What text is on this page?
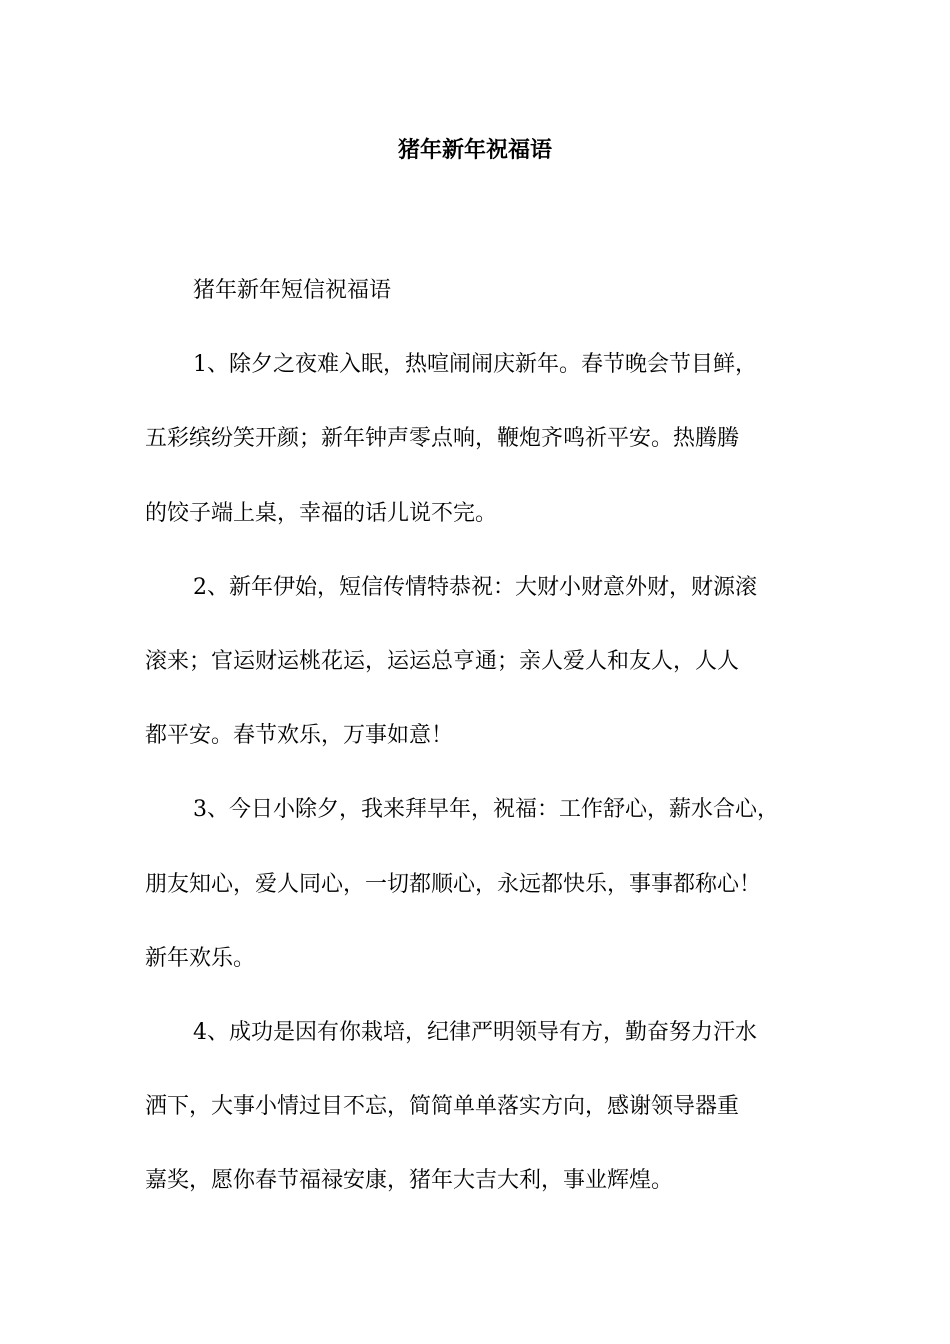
猪年新年祝福语
猪年新年短信祝福语
1、除夕之夜难入眠，热喧闹闹庆新年。春节晚会节目鲜，
五彩缤纷笑开颜；新年钟声零点响，鞭炮齐鸣祈平安。热腾腾
的饺子端上桌，幸福的话儿说不完。
2、新年伊始，短信传情特恭祝：大财小财意外财，财源滚
滚来；官运财运桃花运，运运总亨通；亲人爱人和友人，人人
都平安。春节欢乐，万事如意！
3、今日小除夕，我来拜早年，祝福：工作舒心，薪水合心，
朋友知心，爱人同心，一切都顺心，永远都快乐，事事都称心！
新年欢乐。
4、成功是因有你栽培，纪律严明领导有方，勤奋努力汗水
洒下，大事小情过目不忘，简简单单落实方向，感谢领导器重
嘉奖，愿你春节福禄安康，猪年大吉大利，事业辉煌。
